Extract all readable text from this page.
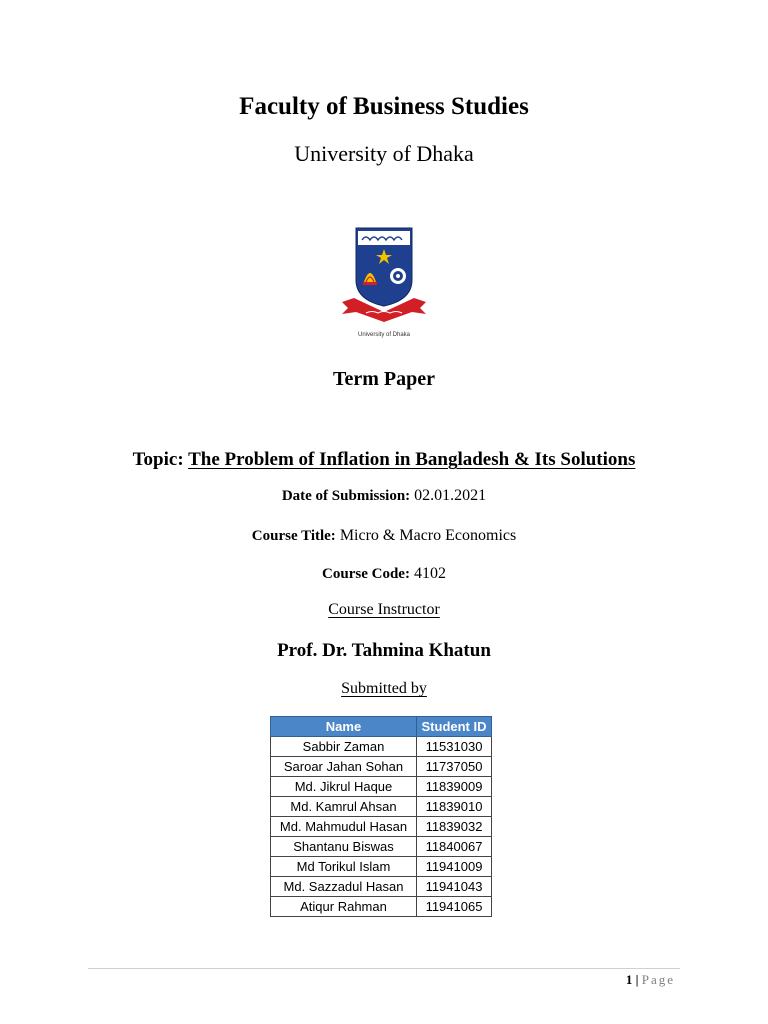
Faculty of Business Studies
University of Dhaka
University of Dhaka
Term Paper
Topic: The Problem of Inflation in Bangladesh & Its Solutions
Date of Submission: 02.01.2021
Course Title: Micro & Macro Economics
Course Code: 4102
Course Instructor
Prof. Dr. Tahmina Khatun
Submitted by
Name	Student ID
Sabbir Zaman	11531030
Saroar Jahan Sohan	11737050
Md. Jikrul Haque	11839009
Md. Kamrul Ahsan	11839010
Md. Mahmudul Hasan	11839032
Shantanu Biswas	11840067
Md Torikul Islam	11941009
Md. Sazzadul Hasan	11941043
Atiqur Rahman	11941065
1 | Page
